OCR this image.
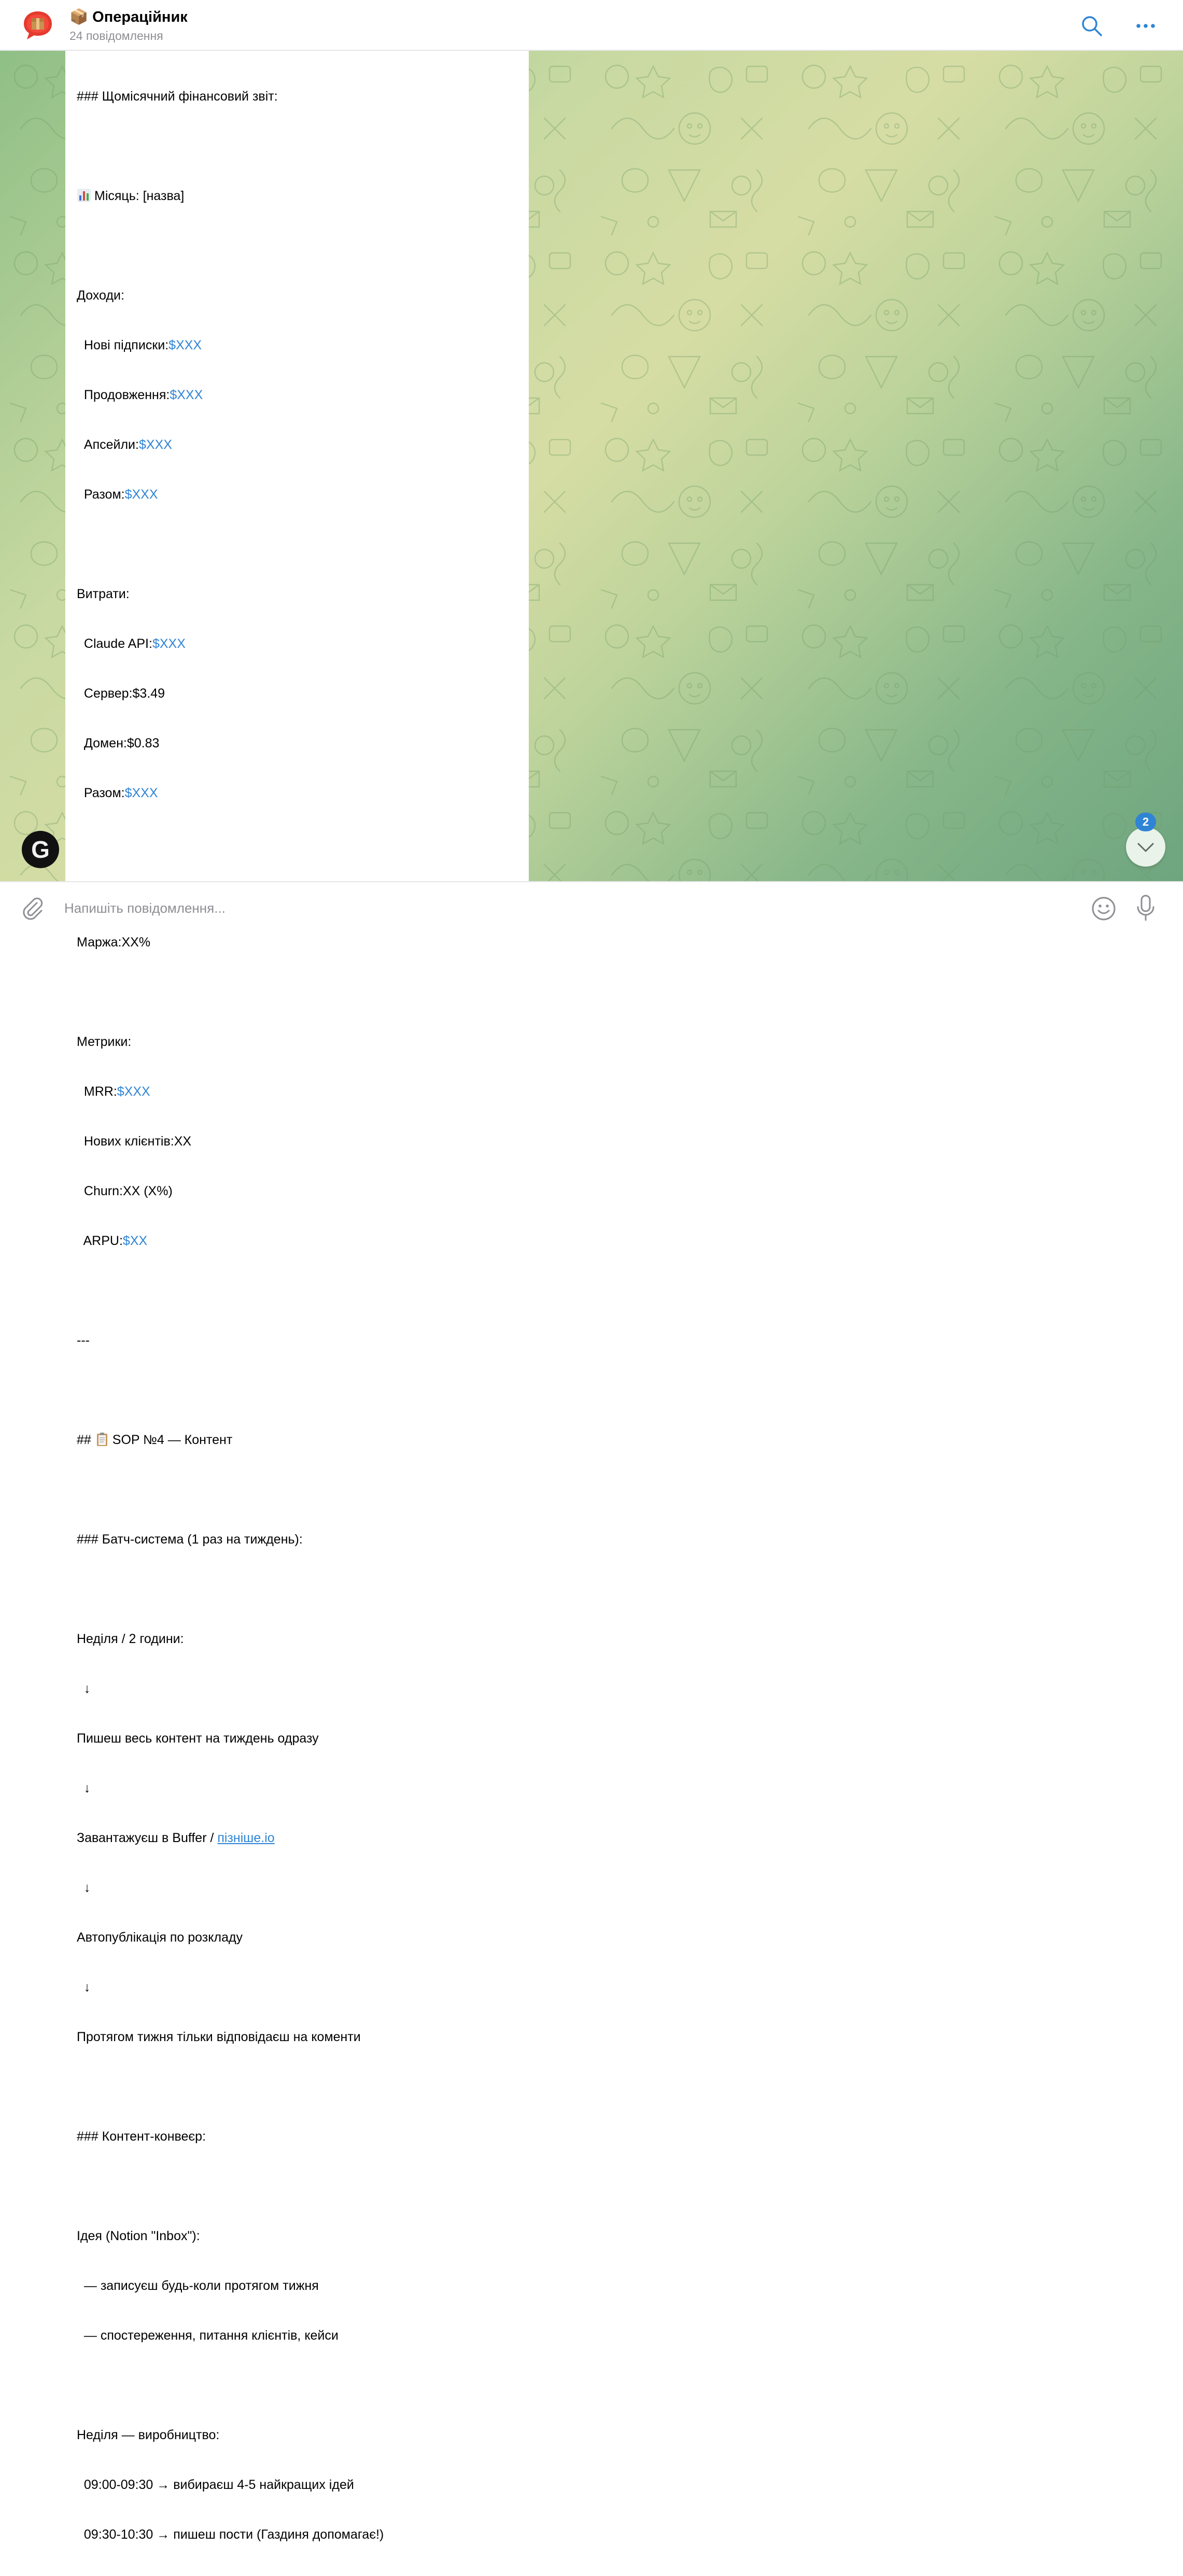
📦 Операційник
24 повідомлення

### Щомісячний фінансовий звіт:

Місяць: [назва]

Доходи:

Нові підписки:$XXX

Продовження:$XXX

Апсейли:$XXX

Разом:$XXX

Витрати:

Claude API:$XXX

Сервер:$3.49

Домен:$0.83

Разом:$XXX

Маржа:XX%

Метрики:

MRR:$XXX

Нових клієнтів:XX

Churn:XX (X%)

ARPU:$XX

---

## SOP №4 — Контент

### Батч-система (1 раз на тиждень):

Неділя / 2 години:

↓

Пишеш весь контент на тиждень одразу

↓

Завантажуєш в Buffer / пізніше.io

↓

Автопублікація по розкладу

↓

Протягом тижня тільки відповідаєш на коменти

### Контент-конвеєр:

Ідея (Notion "Inbox"):

— записуєш будь-коли протягом тижня

— спостереження, питання клієнтів, кейси

Неділя — виробництво:

09:00-09:30 → вибираєш 4-5 найкращих ідей

09:30-10:30 → пишеш пости (Газдиня допомагає!)

G
2
Напишіть повідомлення...
